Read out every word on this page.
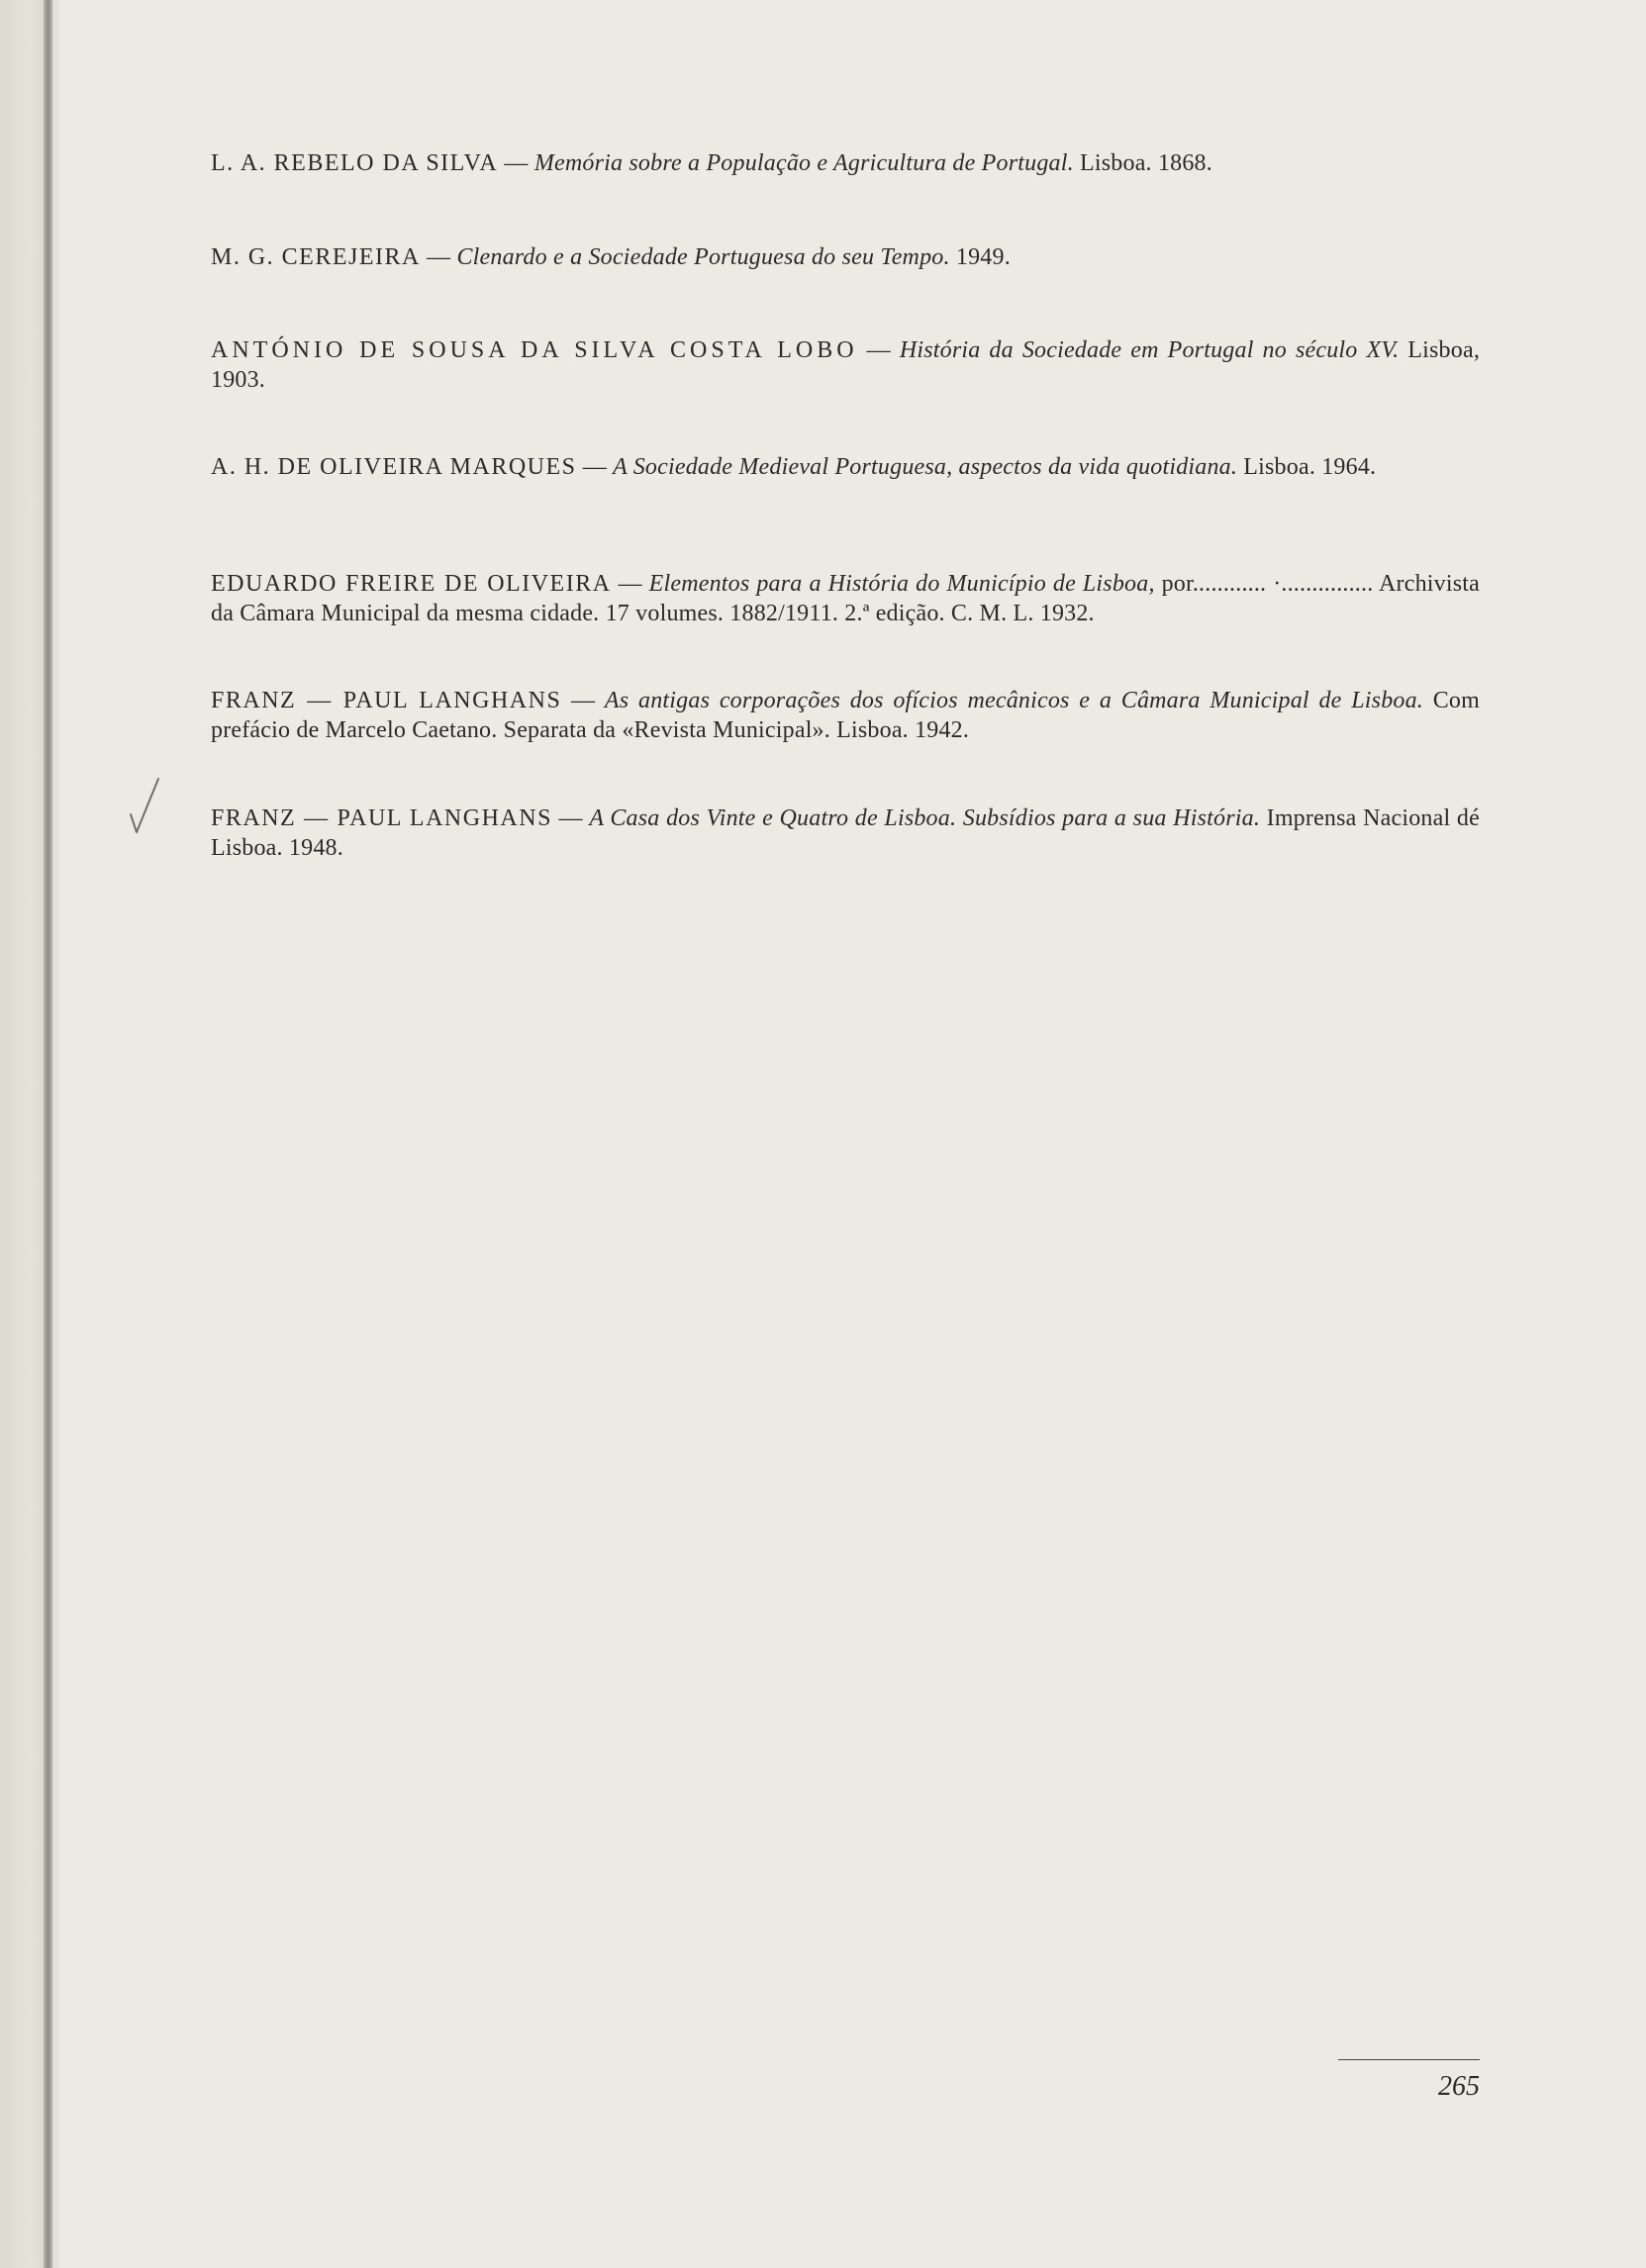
L. A. REBELO DA SILVA — Memória sobre a População e Agricultura de Portugal. Lisboa. 1868.

M. G. CEREJEIRA — Clenardo e a Sociedade Portuguesa do seu Tempo. 1949.

ANTÓNIO DE SOUSA DA SILVA COSTA LOBO — História da Sociedade em Portugal no século XV. Lisboa, 1903.

A. H. DE OLIVEIRA MARQUES — A Sociedade Medieval Portuguesa, aspectos da vida quotidiana. Lisboa. 1964.

EDUARDO FREIRE DE OLIVEIRA — Elementos para a História do Município de Lisboa, por............ ·............... Archivista da Câmara Municipal da mesma cidade. 17 volumes. 1882/1911. 2.ª edição. C. M. L. 1932.

FRANZ — PAUL LANGHANS — As antigas corporações dos ofícios mecânicos e a Câmara Municipal de Lisboa. Com prefácio de Marcelo Caetano. Separata da «Revista Municipal». Lisboa. 1942.

FRANZ — PAUL LANGHANS — A Casa dos Vinte e Quatro de Lisboa. Subsídios para a sua História. Imprensa Nacional dé Lisboa. 1948.

265
